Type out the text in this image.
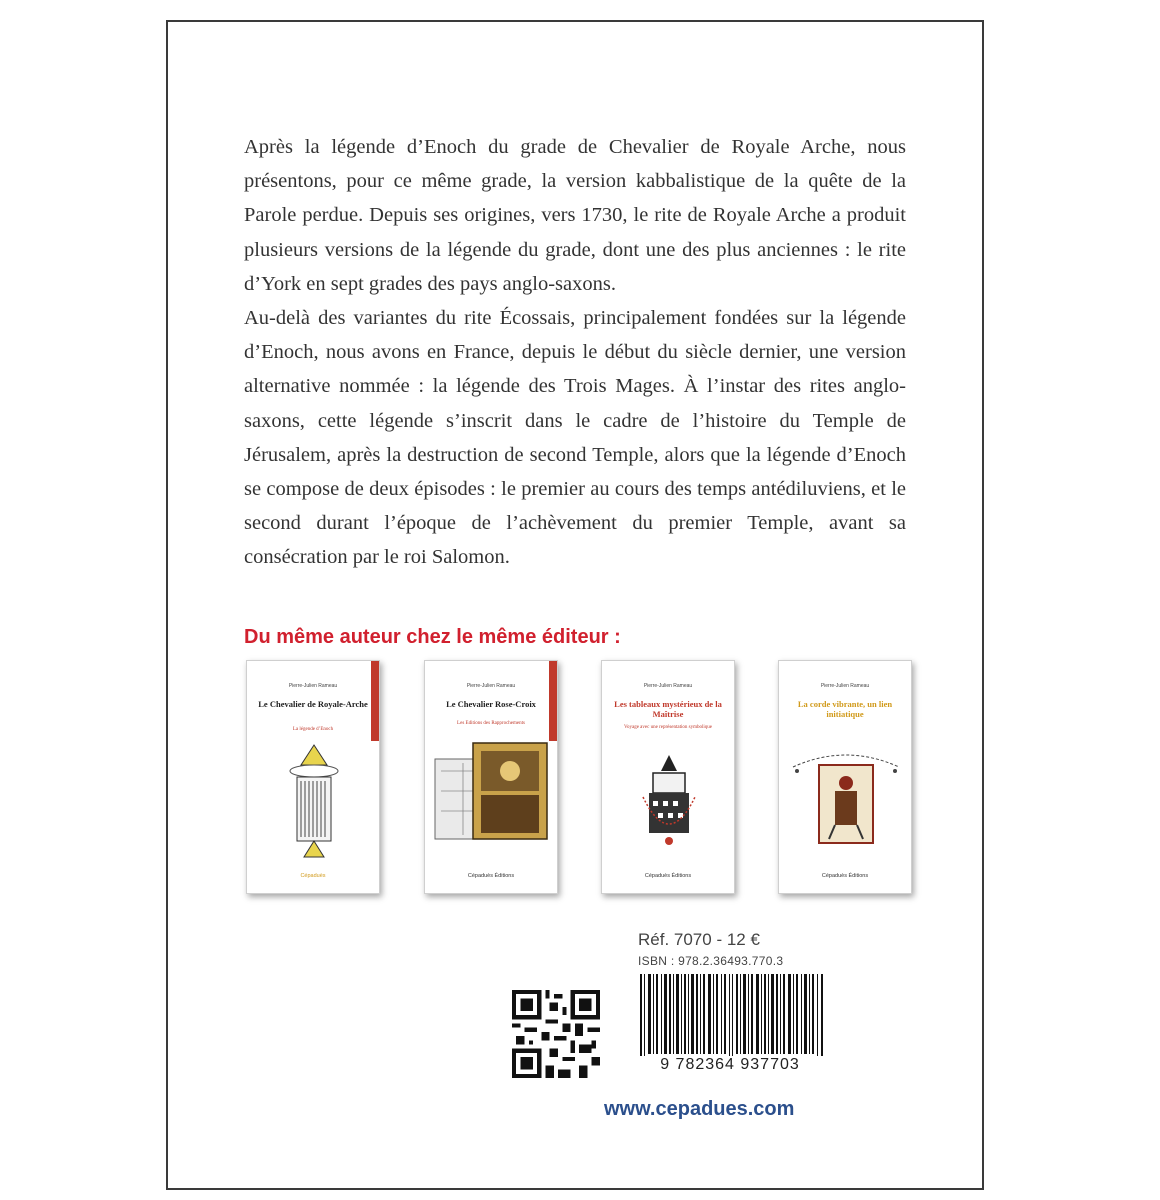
Après la légende d’Enoch du grade de Chevalier de Royale Arche, nous présentons, pour ce même grade, la version kabbalistique de la quête de la Parole perdue. Depuis ses origines, vers 1730, le rite de Royale Arche a produit plusieurs versions de la légende du grade, dont une des plus anciennes : le rite d’York en sept grades des pays anglo-saxons.

Au-delà des variantes du rite Écossais, principalement fondées sur la légende d’Enoch, nous avons en France, depuis le début du siècle dernier, une version alternative nommée : la légende des Trois Mages. À l’instar des rites anglo-saxons, cette légende s’inscrit dans le cadre de l’histoire du Temple de Jérusalem, après la destruction de second Temple, alors que la légende d’Enoch se compose de deux épisodes : le premier au cours des temps antédiluviens, et le second durant l’époque de l’achèvement du premier Temple, avant sa consécration par le roi Salomon.

Du même auteur chez le même éditeur :
Pierre-Julien Rameau
Le Chevalier de Royale-Arche
La légende d’Enoch
Cépaduès
Pierre-Julien Rameau
Le Chevalier Rose-Croix
Les Editions des Rapprochements
Cépaduès Éditions
Pierre-Julien Rameau
Les tableaux mystérieux de la Maîtrise
Voyage avec une représentation symbolique
Cépaduès Éditions
Pierre-Julien Rameau
La corde vibrante, un lien initiatique
Cépaduès Éditions
Réf. 7070 - 12 €
ISBN : 978.2.36493.770.3
9 782364 937703
www.cepadues.com
